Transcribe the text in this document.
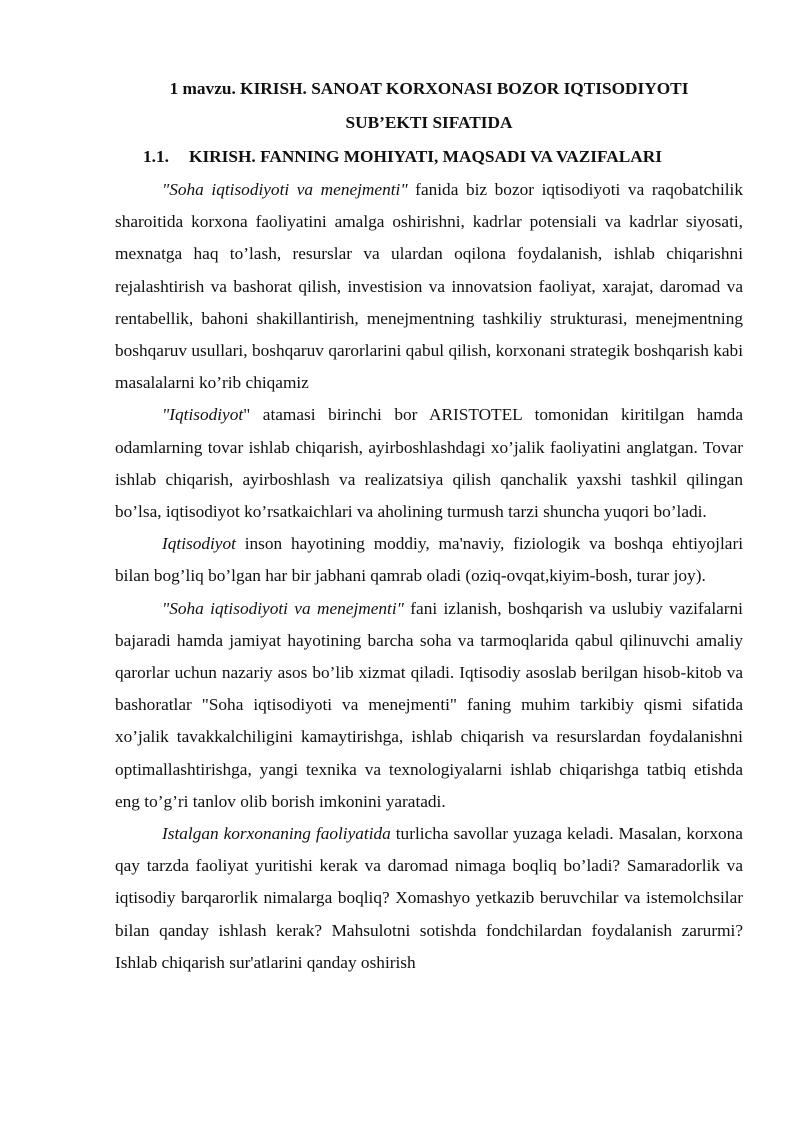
1 mavzu. KIRISH. SANOAT KORXONASI BOZOR IQTISODIYOTI

SUB’EKTI SIFATIDA

1.1. KIRISH. FANNING MOHIYATI, MAQSADI VA VAZIFALARI

"Soha iqtisodiyoti va menejmenti" fanida biz bozor iqtisodiyoti va raqobatchilik sharoitida korxona faoliyatini amalga oshirishni, kadrlar potensiali va kadrlar siyosati, mexnatga haq to’lash, resurslar va ulardan oqilona foydalanish, ishlab chiqarishni rejalashtirish va bashorat qilish, investision va innovatsion faoliyat, xarajat, daromad va rentabellik, bahoni shakillantirish, menejmentning tashkiliy strukturasi, menejmentning boshqaruv usullari, boshqaruv qarorlarini qabul qilish, korxonani strategik boshqarish kabi masalalarni ko’rib chiqamiz

"Iqtisodiyot" atamasi birinchi bor ARISTOTEL tomonidan kiritilgan hamda odamlarning tovar ishlab chiqarish, ayirboshlashdagi xo’jalik faoliyatini anglatgan. Tovar ishlab chiqarish, ayirboshlash va realizatsiya qilish qanchalik yaxshi tashkil qilingan bo’lsa, iqtisodiyot ko’rsatkaichlari va aholining turmush tarzi shuncha yuqori bo’ladi.

Iqtisodiyot inson hayotining moddiy, ma'naviy, fiziologik va boshqa ehtiyojlari bilan bog’liq bo’lgan har bir jabhani qamrab oladi (oziq-ovqat,kiyim-bosh, turar joy).

"Soha iqtisodiyoti va menejmenti" fani izlanish, boshqarish va uslubiy vazifalarni bajaradi hamda jamiyat hayotining barcha soha va tarmoqlarida qabul qilinuvchi amaliy qarorlar uchun nazariy asos bo’lib xizmat qiladi. Iqtisodiy asoslab berilgan hisob-kitob va bashoratlar "Soha iqtisodiyoti va menejmenti" faning muhim tarkibiy qismi sifatida xo’jalik tavakkalchiligini kamaytirishga, ishlab chiqarish va resurslardan foydalanishni optimallashtirishga, yangi texnika va texnologiyalarni ishlab chiqarishga tatbiq etishda eng to’g’ri tanlov olib borish imkonini yaratadi.

Istalgan korxonaning faoliyatida turlicha savollar yuzaga keladi. Masalan, korxona qay tarzda faoliyat yuritishi kerak va daromad nimaga boqliq bo’ladi? Samaradorlik va iqtisodiy barqarorlik nimalarga boqliq? Xomashyo yetkazib beruvchilar va istemolchsilar bilan qanday ishlash kerak? Mahsulotni sotishda fondchilardan foydalanish zarurmi? Ishlab chiqarish sur'atlarini qanday oshirish
